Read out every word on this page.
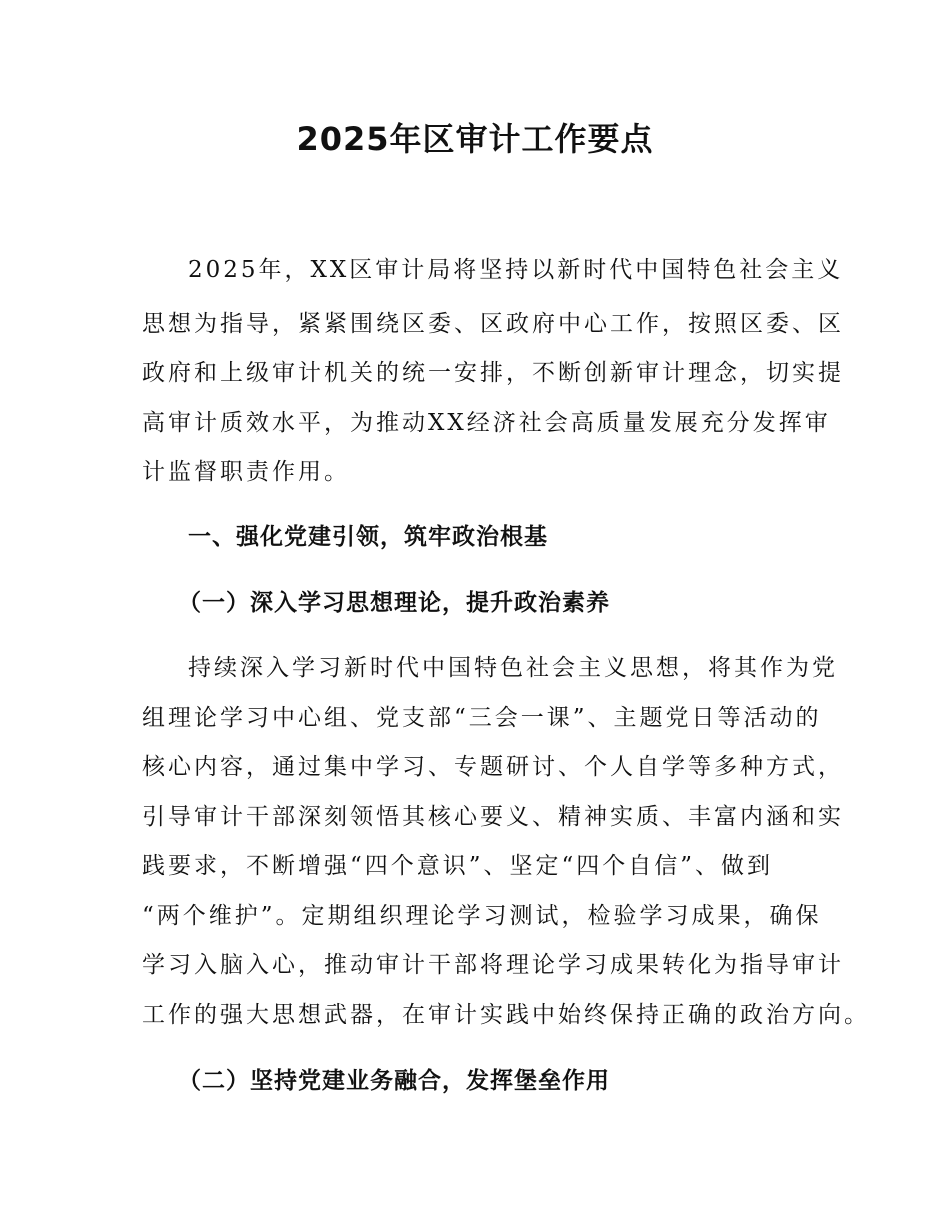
2025年区审计工作要点
2025年，XX区审计局将坚持以新时代中国特色社会主义
思想为指导，紧紧围绕区委、区政府中心工作，按照区委、区
政府和上级审计机关的统一安排，不断创新审计理念，切实提
高审计质效水平，为推动XX经济社会高质量发展充分发挥审
计监督职责作用。
一、强化党建引领，筑牢政治根基
（一）深入学习思想理论，提升政治素养
持续深入学习新时代中国特色社会主义思想，将其作为党
组理论学习中心组、党支部“三会一课”、主题党日等活动的
核心内容，通过集中学习、专题研讨、个人自学等多种方式，
引导审计干部深刻领悟其核心要义、精神实质、丰富内涵和实
践要求，不断增强“四个意识”、坚定“四个自信”、做到
“两个维护”。定期组织理论学习测试，检验学习成果，确保
学习入脑入心，推动审计干部将理论学习成果转化为指导审计
工作的强大思想武器，在审计实践中始终保持正确的政治方向。
（二）坚持党建业务融合，发挥堡垒作用
